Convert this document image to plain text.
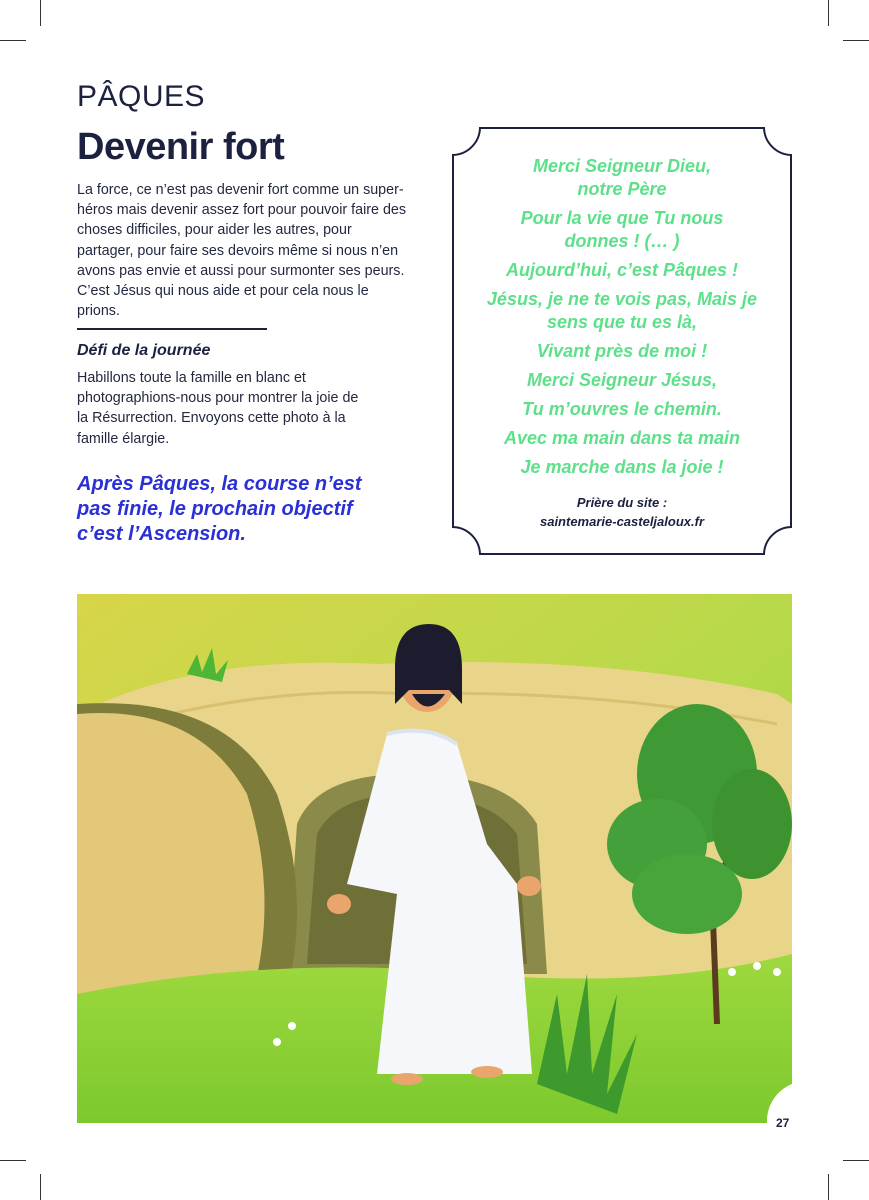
PÂQUES
Devenir fort

La force, ce n’est pas devenir fort comme un super-héros mais devenir assez fort pour pouvoir faire des choses difficiles, pour aider les autres, pour partager, pour faire ses devoirs même si nous n’en avons pas envie et aussi pour surmonter ses peurs. C’est Jésus qui nous aide et pour cela nous le prions.

Défi de la journée

Habillons toute la famille en blanc et photographions-nous pour montrer la joie de la Résurrection. Envoyons cette photo à la famille élargie.

Après Pâques, la course n’est pas finie, le prochain objectif c’est l’Ascension.

Merci Seigneur Dieu, notre Père
Pour la vie que Tu nous donnes ! (… )
Aujourd’hui, c’est Pâques !
Jésus, je ne te vois pas, Mais je sens que tu es là,
Vivant près de moi !
Merci Seigneur Jésus,
Tu m’ouvres le chemin.
Avec ma main dans ta main
Je marche dans la joie !
Prière du site :
saintemarie-casteljaloux.fr
27
